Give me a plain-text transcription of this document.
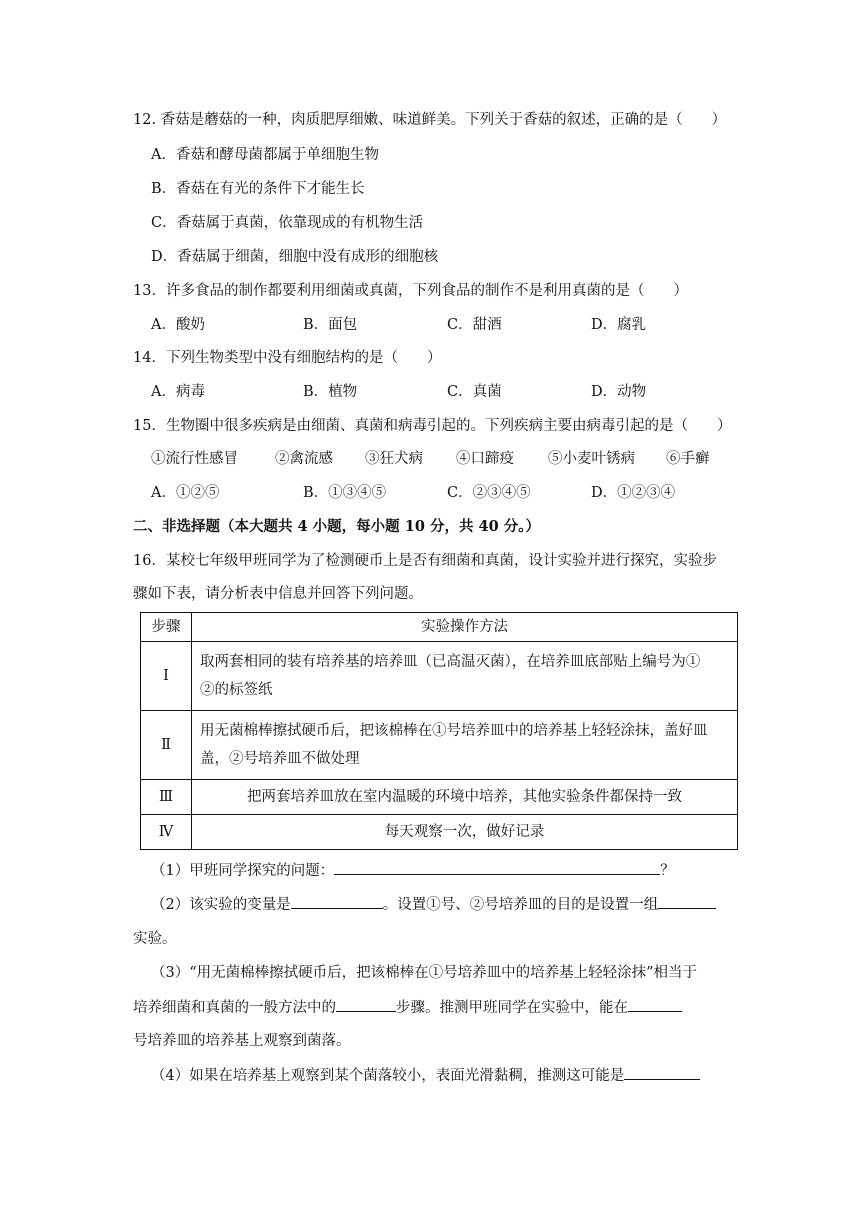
12. 香菇是蘑菇的一种，肉质肥厚细嫩、味道鲜美。下列关于香菇的叙述，正确的是（　　）
A．香菇和酵母菌都属于单细胞生物
B．香菇在有光的条件下才能生长
C．香菇属于真菌，依靠现成的有机物生活
D．香菇属于细菌，细胞中没有成形的细胞核
13．许多食品的制作都要利用细菌或真菌，下列食品的制作不是利用真菌的是（　　）
A．酸奶	B．面包	C．甜酒	D．腐乳
14．下列生物类型中没有细胞结构的是（　　）
A．病毒	B．植物	C．真菌	D．动物
15．生物圈中很多疾病是由细菌、真菌和病毒引起的。下列疾病主要由病毒引起的是（　　）
①流行性感冒	②禽流感 ③狂犬病 ④口蹄疫 ⑤小麦叶锈病 ⑥手癣
A．①②⑤	B．①③④⑤	C．②③④⑤	D．①②③④
二、非选择题（本大题共 4 小题，每小题 10 分，共 40 分。）
16．某校七年级甲班同学为了检测硬币上是否有细菌和真菌，设计实验并进行探究，实验步
骤如下表，请分析表中信息并回答下列问题。
步骤	实验操作方法
Ⅰ	取两套相同的装有培养基的培养皿（已高温灭菌），在培养皿底部贴上编号为①
②的标签纸

Ⅱ	用无菌棉棒擦拭硬币后，把该棉棒在①号培养皿中的培养基上轻轻涂抹，盖好皿
盖，②号培养皿不做处理

Ⅲ	把两套培养皿放在室内温暖的环境中培养，其他实验条件都保持一致
Ⅳ	每天观察一次，做好记录
（1）甲班同学探究的问题：	？
（2）该实验的变量是	。设置①号、②号培养皿的目的是设置一组
实验。
（3）“用无菌棉棒擦拭硬币后，把该棉棒在①号培养皿中的培养基上轻轻涂抹”相当于
培养细菌和真菌的一般方法中的	步骤。推测甲班同学在实验中，能在
号培养皿的培养基上观察到菌落。
（4）如果在培养基上观察到某个菌落较小，表面光滑黏稠，推测这可能是
